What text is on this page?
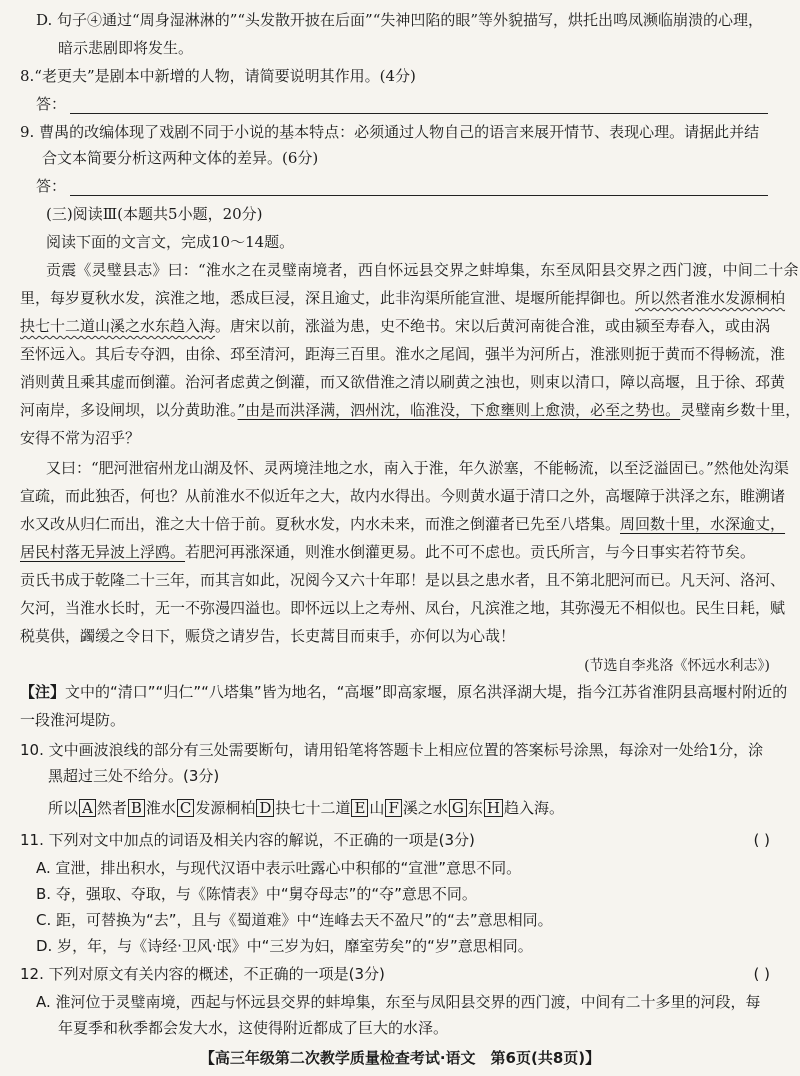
D. 句子④通过“周身湿淋淋的”“头发散开披在后面”“失神凹陷的眼”等外貌描写，烘托出鸣凤濒临崩溃的心理，
暗示悲剧即将发生。
8.“老更夫”是剧本中新增的人物，请简要说明其作用。(4分)
答：
9. 曹禺的改编体现了戏剧不同于小说的基本特点：必须通过人物自己的语言来展开情节、表现心理。请据此并结
合文本简要分析这两种文体的差异。(6分)
答：
(三)阅读Ⅲ(本题共5小题，20分)
阅读下面的文言文，完成10～14题。
贡震《灵璧县志》曰：“淮水之在灵璧南境者，西自怀远县交界之蚌埠集，东至凤阳县交界之西门渡，中间二十余
里，每岁夏秋水发，滨淮之地，悉成巨浸，深且逾丈，此非沟渠所能宣泄、堤堰所能捍御也。所以然者淮水发源桐柏
抉七十二道山溪之水东趋入海。唐宋以前，涨溢为患，史不绝书。宋以后黄河南徙合淮，或由颍至寿春入，或由涡
至怀远入。其后专夺泗，由徐、邳至清河，距海三百里。淮水之尾闾，强半为河所占，淮涨则扼于黄而不得畅流，淮
消则黄且乘其虚而倒灌。治河者虑黄之倒灌，而又欲借淮之清以刷黄之浊也，则束以清口，障以高堰，且于徐、邳黄
河南岸，多设闸坝，以分黄助淮。”由是而洪泽满，泗州沈，临淮没，下愈壅则上愈溃，必至之势也。灵璧南乡数十里，
安得不常为沼乎？
又曰：“肥河泄宿州龙山湖及怀、灵两境洼地之水，南入于淮，年久淤塞，不能畅流，以至泛溢固已。”然他处沟渠
宣疏，而此独否，何也？从前淮水不似近年之大，故内水得出。今则黄水逼于清口之外，高堰障于洪泽之东，睢溯诸
水又改从归仁而出，淮之大十倍于前。夏秋水发，内水未来，而淮之倒灌者已先至八塔集。周回数十里，水深逾丈，
居民村落无异波上浮鸥。若肥河再涨深通，则淮水倒灌更易。此不可不虑也。贡氏所言，与今日事实若符节矣。
贡氏书成于乾隆二十三年，而其言如此，况阅今又六十年耶！是以县之患水者，且不第北肥河而已。凡天河、洛河、
欠河，当淮水长时，无一不弥漫四溢也。即怀远以上之寿州、凤台，凡滨淮之地，其弥漫无不相似也。民生日耗，赋
税莫供，蠲缓之令日下，赈贷之请岁告，长吏蒿目而束手，亦何以为心哉！
(节选自李兆洛《怀远水利志》)
【注】文中的“清口”“归仁”“八塔集”皆为地名，“高堰”即高家堰，原名洪泽湖大堤，指今江苏省淮阴县高堰村附近的
一段淮河堤防。
10. 文中画波浪线的部分有三处需要断句，请用铅笔将答题卡上相应位置的答案标号涂黑，每涂对一处给1分，涂
黑超过三处不给分。(3分)
所以 A 然者 B 淮水 C 发源桐柏 D 抉七十二道 E 山 F 溪之水 G 东 H 趋入海。
11. 下列对文中加点的词语及相关内容的解说，不正确的一项是(3分)	( )
A. 宣泄，排出积水，与现代汉语中表示吐露心中积郁的“宣泄”意思不同。
B. 夺，强取、夺取，与《陈情表》中“舅夺母志”的“夺”意思不同。
C. 距，可替换为“去”，且与《蜀道难》中“连峰去天不盈尺”的“去”意思相同。
D. 岁，年，与《诗经·卫风·氓》中“三岁为妇，靡室劳矣”的“岁”意思相同。
12. 下列对原文有关内容的概述，不正确的一项是(3分)	( )
A. 淮河位于灵璧南境，西起与怀远县交界的蚌埠集，东至与凤阳县交界的西门渡，中间有二十多里的河段，每
年夏季和秋季都会发大水，这使得附近都成了巨大的水泽。
【高三年级第二次教学质量检查考试·语文　第6页(共8页)】
